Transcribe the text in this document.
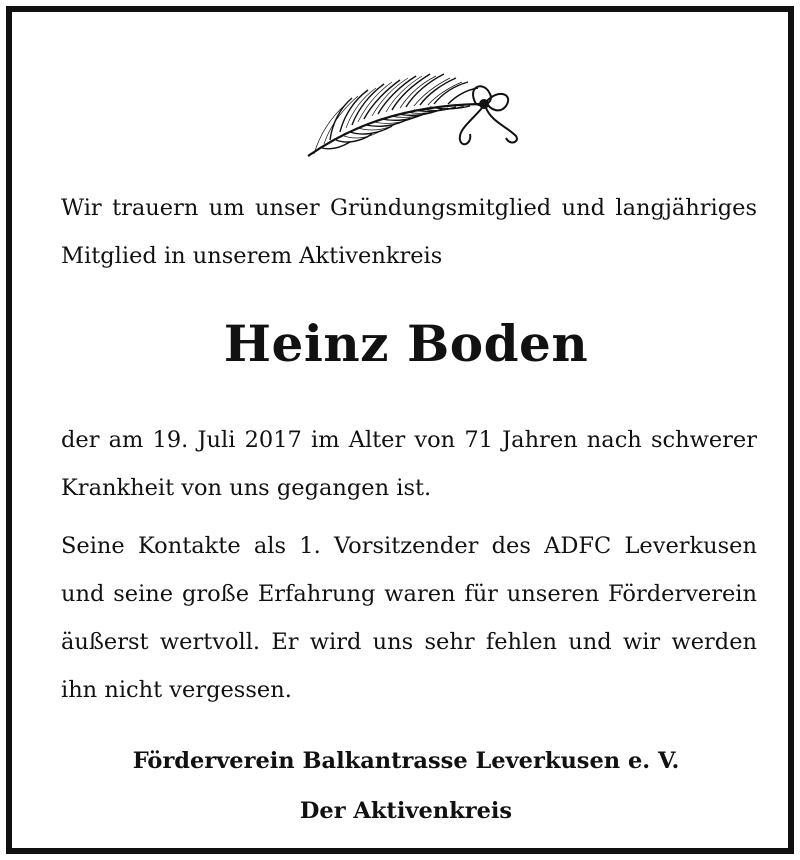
Wir trauern um unser Gründungsmitglied und langjähriges Mitglied in unserem Aktivenkreis

Heinz Boden

der am 19. Juli 2017 im Alter von 71 Jahren nach schwerer Krankheit von uns gegangen ist.

Seine Kontakte als 1. Vorsitzender des ADFC Leverkusen und seine große Erfahrung waren für unseren Förderverein äußerst wertvoll. Er wird uns sehr fehlen und wir werden ihn nicht vergessen.

Förderverein Balkantrasse Leverkusen e. V.

Der Aktivenkreis
